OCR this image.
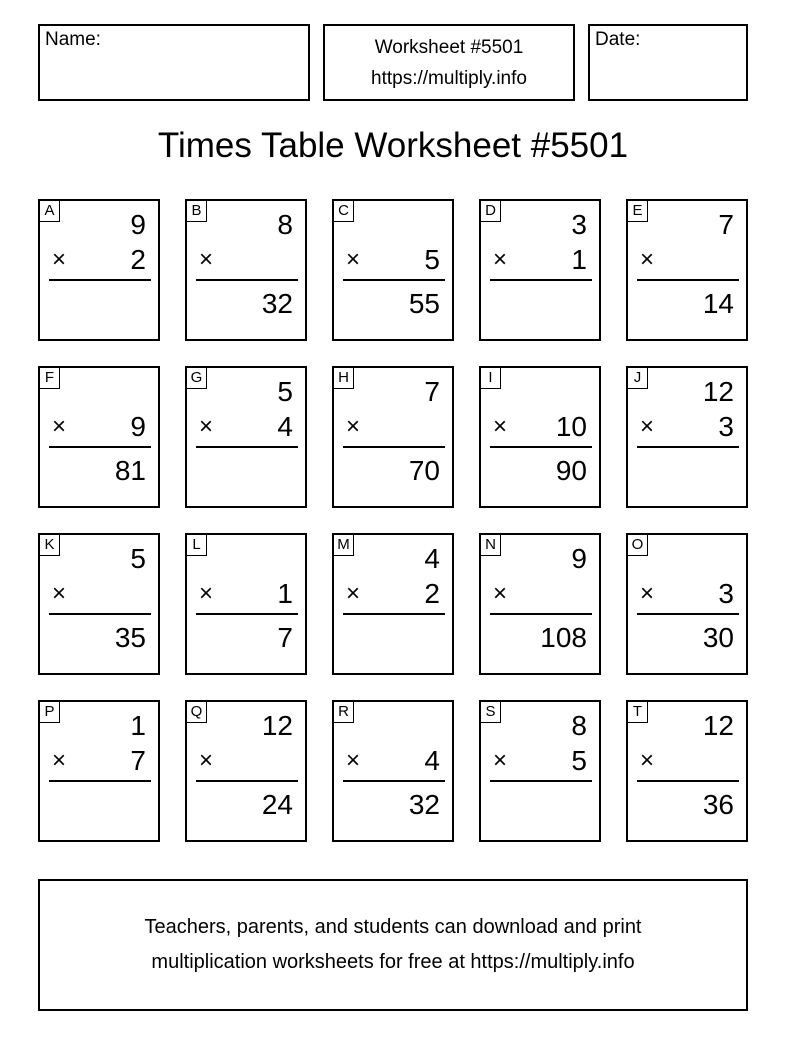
Name:	Worksheet #5501
https://multiply.info
Date:
Times Table Worksheet #5501
A	9
× 2
B	8
×
32
C
× 5
55
D	3
× 1
E	7
×
14
F
× 9
81
G	5
× 4
H	7
×
70
I
× 10
90
J 12
× 3
K	5
×
35
L
× 1
7
M	4
× 2
N	9
×
108
O
× 3
30
P	1
× 7
Q 12
×
24
R
× 4
32
S	8
× 5
T 12
×
36
Teachers, parents, and students can download and print
multiplication worksheets for free at https://multiply.info
